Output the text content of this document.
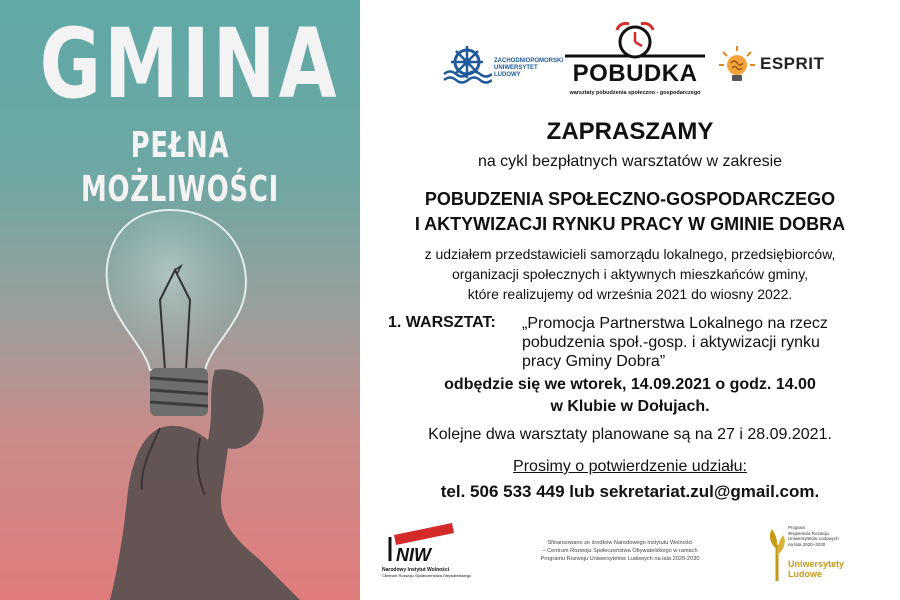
GMINA
PEŁNA MOŻLIWOŚCI
ZACHODNIOPOMORSKI
UNIWERSYTET
LUDOWY	POBUDKA
warsztaty pobudzenia społeczno - gospodarczego
ESPRIT
ZAPRASZAMY
na cykl bezpłatnych warsztatów w zakresie
POBUDZENIA SPOŁECZNO-GOSPODARCZEGO
I AKTYWIZACJI RYNKU PRACY W GMINIE DOBRA
z udziałem przedstawicieli samorządu lokalnego, przedsiębiorców,
organizacji społecznych i aktywnych mieszkańców gminy,
które realizujemy od września 2021 do wiosny 2022.
1. WARSZTAT: „Promocja Partnerstwa Lokalnego na rzecz
pobudzenia społ.-gosp. i aktywizacji rynku
pracy Gminy Dobra”
odbędzie się we wtorek, 14.09.2021 o godz. 14.00
w Klubie w Dołujach.
Kolejne dwa warsztaty planowane są na 27 i 28.09.2021.
Prosimy o potwierdzenie udziału:
tel. 506 533 449 lub sekretariat.zul@gmail.com.
NIW
Narodowy Instytut Wolności
Centrum Rozwoju Społeczeństwa Obywatelskiego
Sfinansowano ze środków Narodowego Instytutu Wolności
– Centrum Rozwoju Społeczeństwa Obywatelskiego w ramach
Programu Rozwoju Uniwersytetów Ludowych na lata 2020-2030
Program
Wspierania Rozwoju
Uniwersytetów Ludowych
na lata 2020–2030
Uniwersytety
Ludowe
